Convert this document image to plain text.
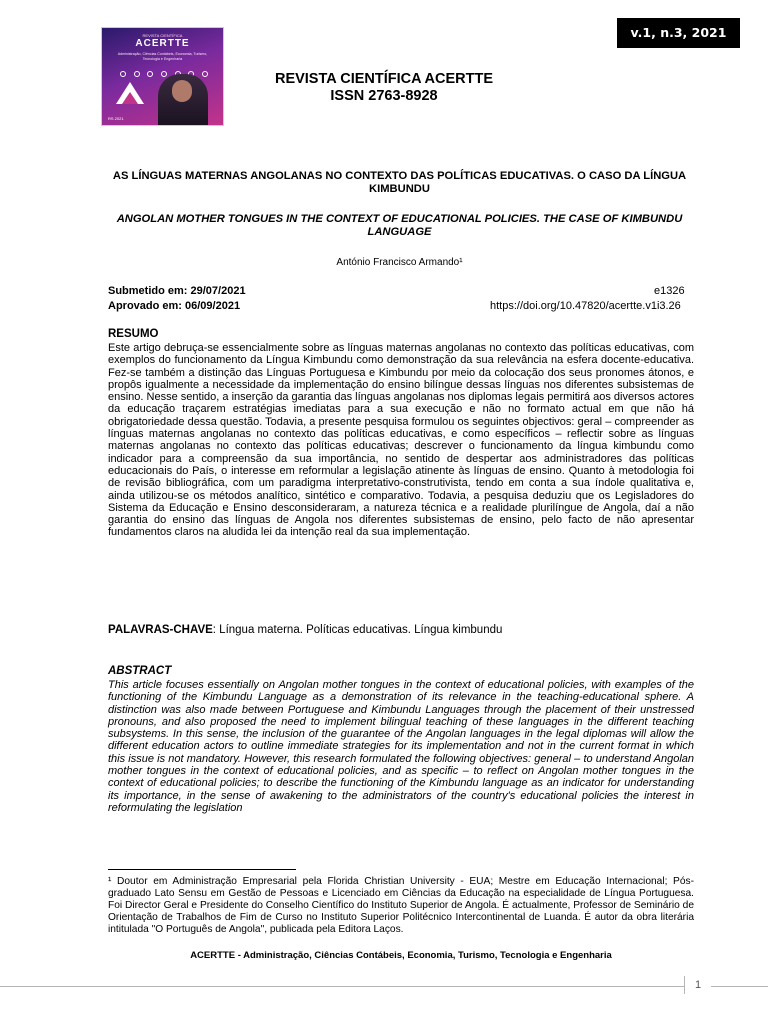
v.1, n.3, 2021
REVISTA CIENTÍFICA
ACERTTE
Administração, Ciências Contábeis, Economia, Turismo, Tecnologia e Engenharia
RS 2021
REVISTA CIENTÍFICA ACERTTE
ISSN 2763-8928
AS LÍNGUAS MATERNAS ANGOLANAS NO CONTEXTO DAS POLÍTICAS EDUCATIVAS. O CASO DA LÍNGUA KIMBUNDU
ANGOLAN MOTHER TONGUES IN THE CONTEXT OF EDUCATIONAL POLICIES. THE CASE OF KIMBUNDU LANGUAGE
António Francisco Armando¹
Submetido em: 29/07/2021
Aprovado em: 06/09/2021
e1326
https://doi.org/10.47820/acertte.v1i3.26
RESUMO
Este artigo debruça-se essencialmente sobre as línguas maternas angolanas no contexto das políticas educativas, com exemplos do funcionamento da Língua Kimbundu como demonstração da sua relevância na esfera docente-educativa. Fez-se também a distinção das Línguas Portuguesa e Kimbundu por meio da colocação dos seus pronomes átonos, e propôs igualmente a necessidade da implementação do ensino bilíngue dessas línguas nos diferentes subsistemas de ensino. Nesse sentido, a inserção da garantia das línguas angolanas nos diplomas legais permitirá aos diversos actores da educação traçarem estratégias imediatas para a sua execução e não no formato actual em que não há obrigatoriedade dessa questão. Todavia, a presente pesquisa formulou os seguintes objectivos: geral – compreender as línguas maternas angolanas no contexto das políticas educativas, e como específicos – reflectir sobre as línguas maternas angolanas no contexto das políticas educativas; descrever o funcionamento da língua kimbundu como indicador para a compreensão da sua importância, no sentido de despertar aos administradores das políticas educacionais do País, o interesse em reformular a legislação atinente às línguas de ensino. Quanto à metodologia foi de revisão bibliográfica, com um paradigma interpretativo-construtivista, tendo em conta a sua índole qualitativa e, ainda utilizou-se os métodos analítico, sintético e comparativo. Todavia, a pesquisa deduziu que os Legisladores do Sistema da Educação e Ensino desconsideraram, a natureza técnica e a realidade plurilíngue de Angola, daí a não garantia do ensino das línguas de Angola nos diferentes subsistemas de ensino, pelo facto de não apresentar fundamentos claros na aludida lei da intenção real da sua implementação.
PALAVRAS-CHAVE: Língua materna. Políticas educativas. Língua kimbundu
ABSTRACT
This article focuses essentially on Angolan mother tongues in the context of educational policies, with examples of the functioning of the Kimbundu Language as a demonstration of its relevance in the teaching-educational sphere. A distinction was also made between Portuguese and Kimbundu Languages through the placement of their unstressed pronouns, and also proposed the need to implement bilingual teaching of these languages in the different teaching subsystems. In this sense, the inclusion of the guarantee of the Angolan languages in the legal diplomas will allow the different education actors to outline immediate strategies for its implementation and not in the current format in which this issue is not mandatory. However, this research formulated the following objectives: general – to understand Angolan mother tongues in the context of educational policies, and as specific – to reflect on Angolan mother tongues in the context of educational policies; to describe the functioning of the Kimbundu language as an indicator for understanding its importance, in the sense of awakening to the administrators of the country's educational policies the interest in reformulating the legislation
¹ Doutor em Administração Empresarial pela Florida Christian University - EUA; Mestre em Educação Internacional; Pós-graduado Lato Sensu em Gestão de Pessoas e Licenciado em Ciências da Educação na especialidade de Língua Portuguesa. Foi Director Geral e Presidente do Conselho Científico do Instituto Superior de Angola. É actualmente, Professor de Seminário de Orientação de Trabalhos de Fim de Curso no Instituto Superior Politécnico Intercontinental de Luanda. É autor da obra literária intitulada "O Português de Angola", publicada pela Editora Laços.
ACERTTE - Administração, Ciências Contábeis, Economia, Turismo, Tecnologia e Engenharia
1
